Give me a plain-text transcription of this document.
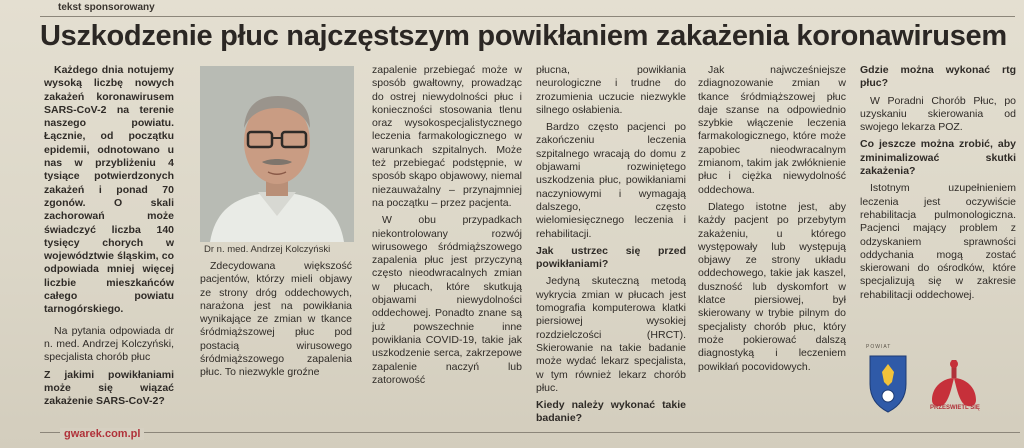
tekst sponsorowany
Uszkodzenie płuc najczęstszym powikłaniem zakażenia koronawirusem

Każdego dnia notujemy wysoką liczbę nowych zakażeń koronawirusem SARS-CoV-2 na terenie naszego powiatu. Łącznie, od początku epidemii, odnotowano u nas w przybliżeniu 4 tysiące potwierdzonych zakażeń i ponad 70 zgonów. O skali zachorowań może świadczyć liczba 140 tysięcy chorych w województwie śląskim, co odpowiada mniej więcej liczbie mieszkańców całego powiatu tarnogórskiego.

Na pytania odpowiada dr n. med. Andrzej Kolczyński, specjalista chorób płuc

Z jakimi powikłaniami może się wiązać zakażenie SARS-CoV-2?

Dr n. med. Andrzej Kolczyński

Zdecydowana większość pacjentów, którzy mieli objawy ze strony dróg oddechowych, narażona jest na powikłania wynikające ze zmian w tkance śródmiąższowej płuc pod postacią wirusowego śródmiąższowego zapalenia płuc. To niezwykle groźne

zapalenie przebiegać może w sposób gwałtowny, prowadząc do ostrej niewydolności płuc i konieczności stosowania tlenu oraz wysokospecjalistycznego leczenia farmakologicznego w warunkach szpitalnych. Może też przebiegać podstępnie, w sposób skąpo objawowy, niemal niezauważalny – przynajmniej na początku – przez pacjenta.

W obu przypadkach niekontrolowany rozwój wirusowego śródmiąższowego zapalenia płuc jest przyczyną często nieodwracalnych zmian w płucach, które skutkują objawami niewydolności oddechowej. Ponadto znane są już powszechnie inne powikłania COVID-19, takie jak uszkodzenie serca, zakrzepowe zapalenie naczyń lub zatorowość

płucna, powikłania neurologiczne i trudne do zrozumienia uczucie niezwykle silnego osłabienia.

Bardzo często pacjenci po zakończeniu leczenia szpitalnego wracają do domu z objawami rozwiniętego uszkodzenia płuc, powikłaniami naczyniowymi i wymagają dalszego, często wielomiesięcznego leczenia i rehabilitacji.

Jak ustrzec się przed powikłaniami?

Jedyną skuteczną metodą wykrycia zmian w płucach jest tomografia komputerowa klatki piersiowej wysokiej rozdzielczości (HRCT). Skierowanie na takie badanie może wydać lekarz specjalista, w tym również lekarz chorób płuc.

Kiedy należy wykonać takie badanie?

Jak najwcześniejsze zdiagnozowanie zmian w tkance śródmiąższowej płuc daje szanse na odpowiednio szybkie włączenie leczenia farmakologicznego, które może zapobiec nieodwracalnym zmianom, takim jak zwłóknienie płuc i ciężka niewydolność oddechowa.

Dlatego istotne jest, aby każdy pacjent po przebytym zakażeniu, u którego występowały lub występują objawy ze strony układu oddechowego, takie jak kaszel, duszność lub dyskomfort w klatce piersiowej, był skierowany w trybie pilnym do specjalisty chorób płuc, który może pokierować dalszą diagnostyką i leczeniem powikłań pocovidowych.

Gdzie można wykonać rtg płuc?

W Poradni Chorób Płuc, po uzyskaniu skierowania od swojego lekarza POZ.

Co jeszcze można zrobić, aby zminimalizować skutki zakażenia?

Istotnym uzupełnieniem leczenia jest oczywiście rehabilitacja pulmonologiczna. Pacjenci mający problem z odzyskaniem sprawności oddychania mogą zostać skierowani do ośrodków, które specjalizują się w zakresie rehabilitacji oddechowej.

POWIAT
PRZESWIETL SIĘ
gwarek.com.pl
